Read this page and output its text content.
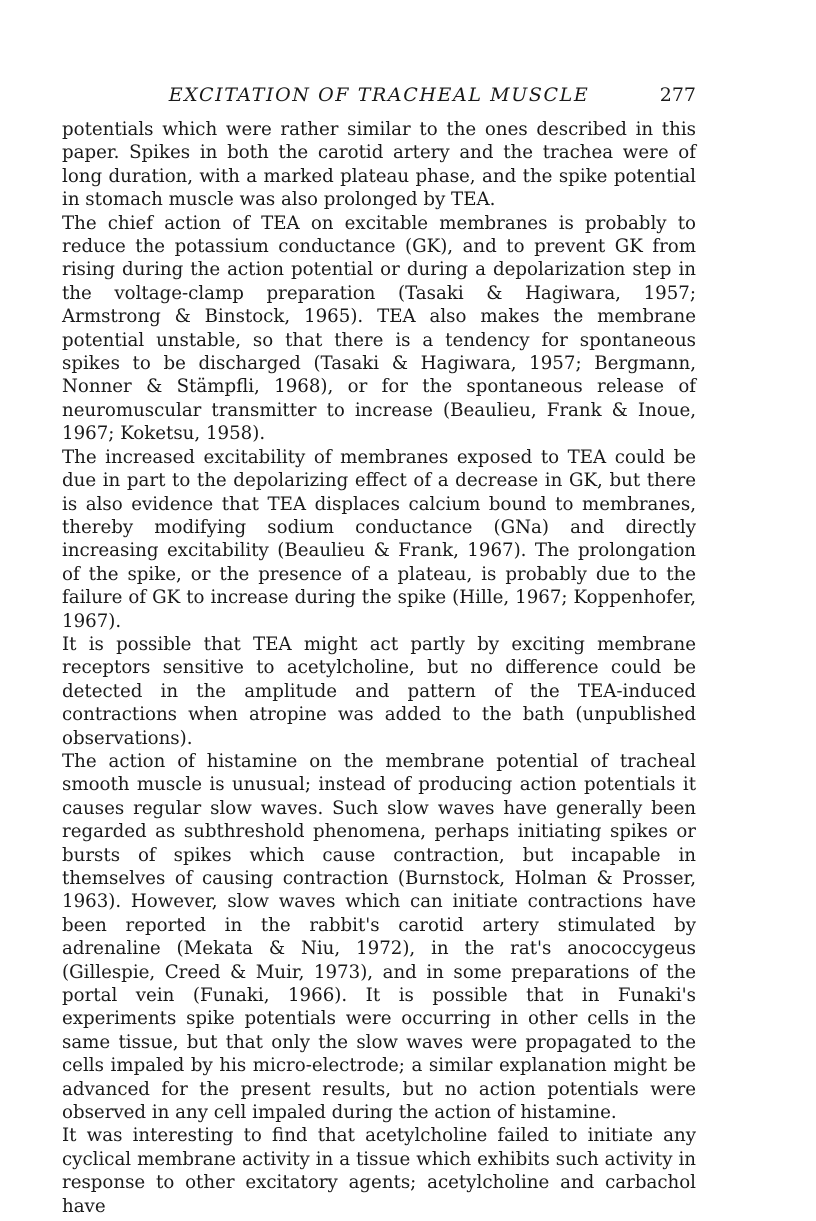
EXCITATION OF TRACHEAL MUSCLE	277

potentials which were rather similar to the ones described in this paper. Spikes in both the carotid artery and the trachea were of long duration, with a marked plateau phase, and the spike potential in stomach muscle was also prolonged by TEA.

The chief action of TEA on excitable membranes is probably to reduce the potassium conductance (GK), and to prevent GK from rising during the action potential or during a depolarization step in the voltage-clamp preparation (Tasaki & Hagiwara, 1957; Armstrong & Binstock, 1965). TEA also makes the membrane potential unstable, so that there is a tendency for spontaneous spikes to be discharged (Tasaki & Hagiwara, 1957; Bergmann, Nonner & Stämpfli, 1968), or for the spontaneous release of neuromuscular transmitter to increase (Beaulieu, Frank & Inoue, 1967; Koketsu, 1958).

The increased excitability of membranes exposed to TEA could be due in part to the depolarizing effect of a decrease in GK, but there is also evidence that TEA displaces calcium bound to membranes, thereby modifying sodium conductance (GNa) and directly increasing excitability (Beaulieu & Frank, 1967). The prolongation of the spike, or the presence of a plateau, is probably due to the failure of GK to increase during the spike (Hille, 1967; Koppenhofer, 1967).

It is possible that TEA might act partly by exciting membrane receptors sensitive to acetylcholine, but no difference could be detected in the amplitude and pattern of the TEA-induced contractions when atropine was added to the bath (unpublished observations).

The action of histamine on the membrane potential of tracheal smooth muscle is unusual; instead of producing action potentials it causes regular slow waves. Such slow waves have generally been regarded as subthreshold phenomena, perhaps initiating spikes or bursts of spikes which cause contraction, but incapable in themselves of causing contraction (Burnstock, Holman & Prosser, 1963). However, slow waves which can initiate contractions have been reported in the rabbit's carotid artery stimulated by adrenaline (Mekata & Niu, 1972), in the rat's anococcygeus (Gillespie, Creed & Muir, 1973), and in some preparations of the portal vein (Funaki, 1966). It is possible that in Funaki's experiments spike potentials were occurring in other cells in the same tissue, but that only the slow waves were propagated to the cells impaled by his micro-electrode; a similar explanation might be advanced for the present results, but no action potentials were observed in any cell impaled during the action of histamine.

It was interesting to find that acetylcholine failed to initiate any cyclical membrane activity in a tissue which exhibits such activity in response to other excitatory agents; acetylcholine and carbachol have
